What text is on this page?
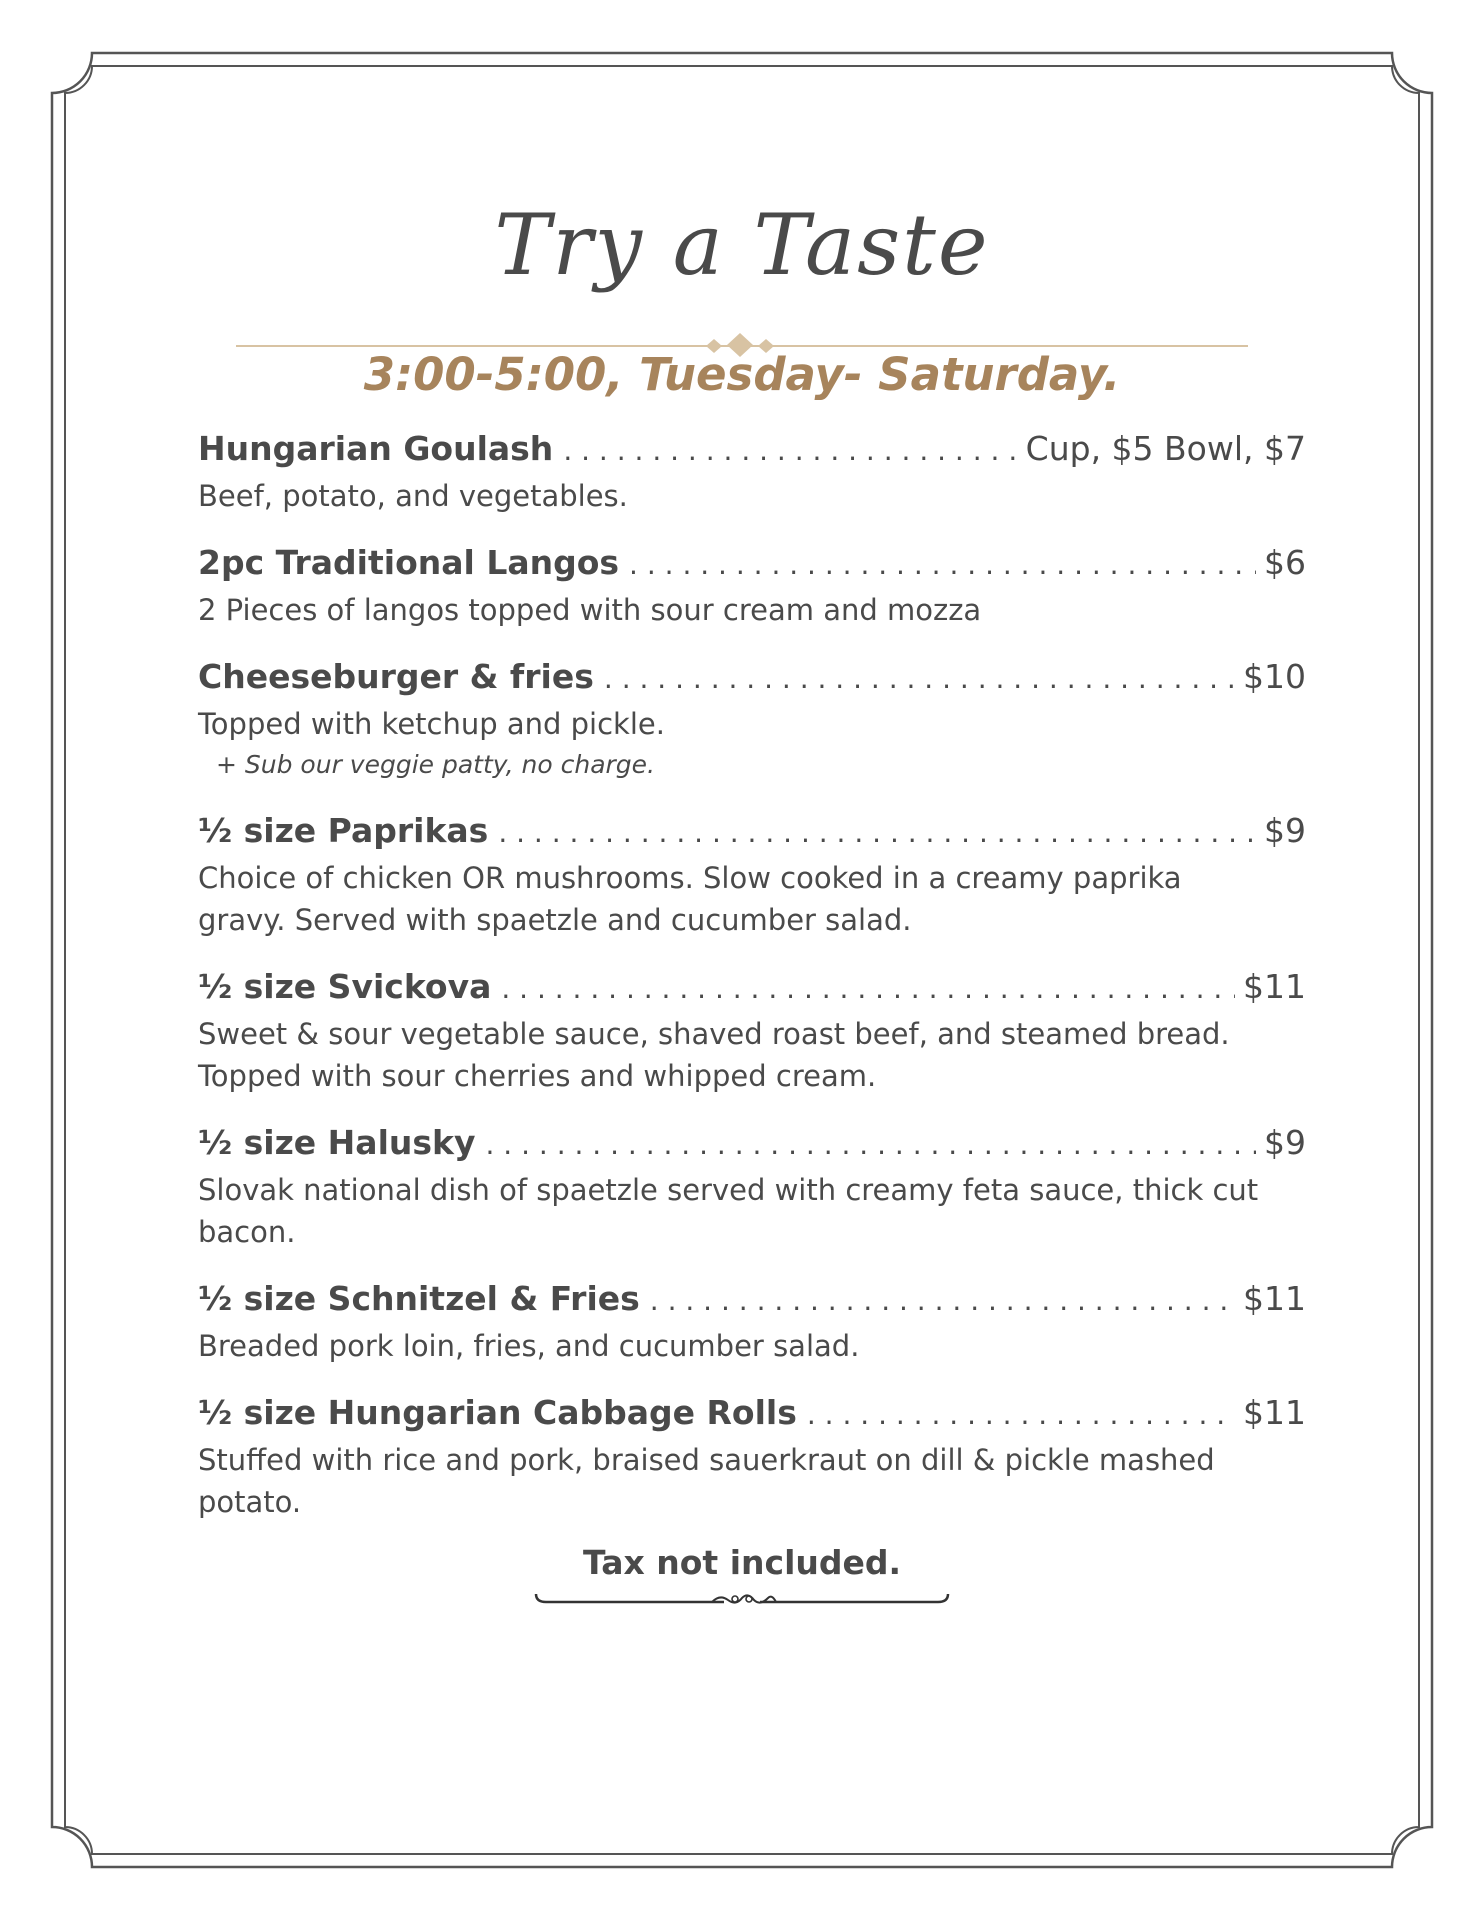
Try a Taste
3:00-5:00, Tuesday- Saturday.
Hungarian Goulash . . .	Cup, $5 Bowl, $7
Beef, potato, and vegetables.
2pc Traditional Langos . . .	$6
2 Pieces of langos topped with sour cream and mozza
Cheeseburger & fries . . .	$10
Topped with ketchup and pickle.
+ Sub our veggie patty, no charge.
½ size Paprikas . . .	$9
Choice of chicken OR mushrooms. Slow cooked in a creamy paprika
gravy. Served with spaetzle and cucumber salad.
½ size Svickova . . .	$11
Sweet & sour vegetable sauce, shaved roast beef, and steamed bread.
Topped with sour cherries and whipped cream.
½ size Halusky . . .	$9
Slovak national dish of spaetzle served with creamy feta sauce, thick cut
bacon.
½ size Schnitzel & Fries . . .	$11
Breaded pork loin, fries, and cucumber salad.
½ size Hungarian Cabbage Rolls . . .	$11
Stuffed with rice and pork, braised sauerkraut on dill & pickle mashed
potato.
Tax not included.
